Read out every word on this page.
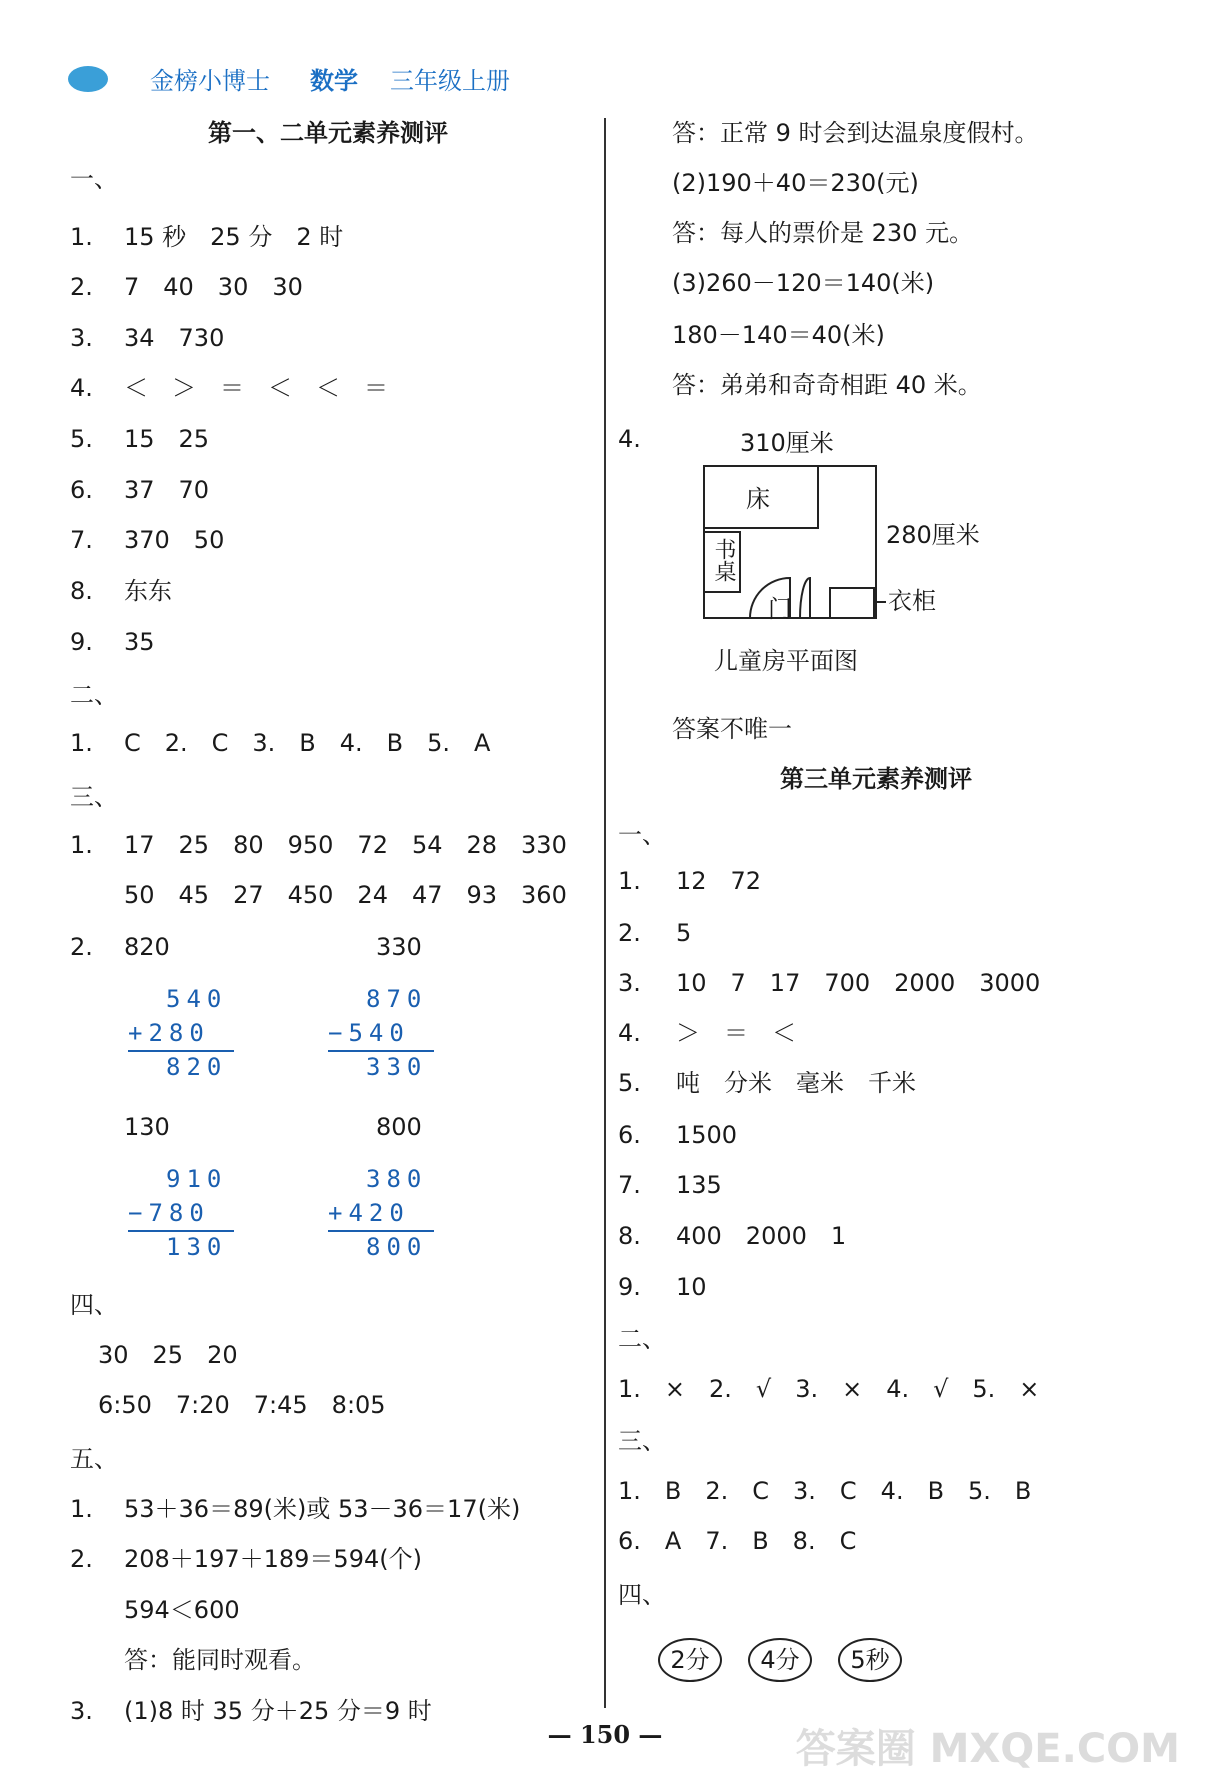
金榜小博士 数学 三年级上册
第一、二单元素养测评
一、
1. 15 秒　25 分　2 时
2. 7　40　30　30
3. 34　730
4. ＜　＞　＝　＜　＜　＝
5. 15　25
6. 37　70
7. 370　50
8. 东东
9. 35
二、
1. C　2.　C　3.　B　4.　B　5.　A
三、
1. 17　25　80　950　72　54　28　330
50　45　27　450　24　47　93　360
2. 820	330
540
+280
820
870
−540
330
130	800
910
−780
130
380
+420
800
四、
30　25　20
6:50　7:20　7:45　8:05
五、
1. 53＋36＝89(米)或 53－36＝17(米)
2. 208＋197＋189＝594(个)
594＜600
答：能同时观看。
3. (1)8 时 35 分＋25 分＝9 时
答：正常 9 时会到达温泉度假村。
(2)190＋40＝230(元)
答：每人的票价是 230 元。
(3)260－120＝140(米)
180－140＝40(米)
答：弟弟和奇奇相距 40 米。
4.	310厘米
床
书桌
280厘米
门	衣柜
儿童房平面图
答案不唯一
第三单元素养测评
一、
1. 12　72
2. 5
3. 10　7　17　700　2000　3000
4. ＞　＝　＜
5. 吨　分米　毫米　千米
6. 1500
7. 135
8. 400　2000　1
9. 10
二、
1.　×　2.　√　3.　×　4.　√　5.　×
三、
1.　B　2.　C　3.　C　4.　B　5.　B
6.　A　7.　B　8.　C
四、
2分	4分	5秒
— 150 —	答案圈 MXQE.COM
